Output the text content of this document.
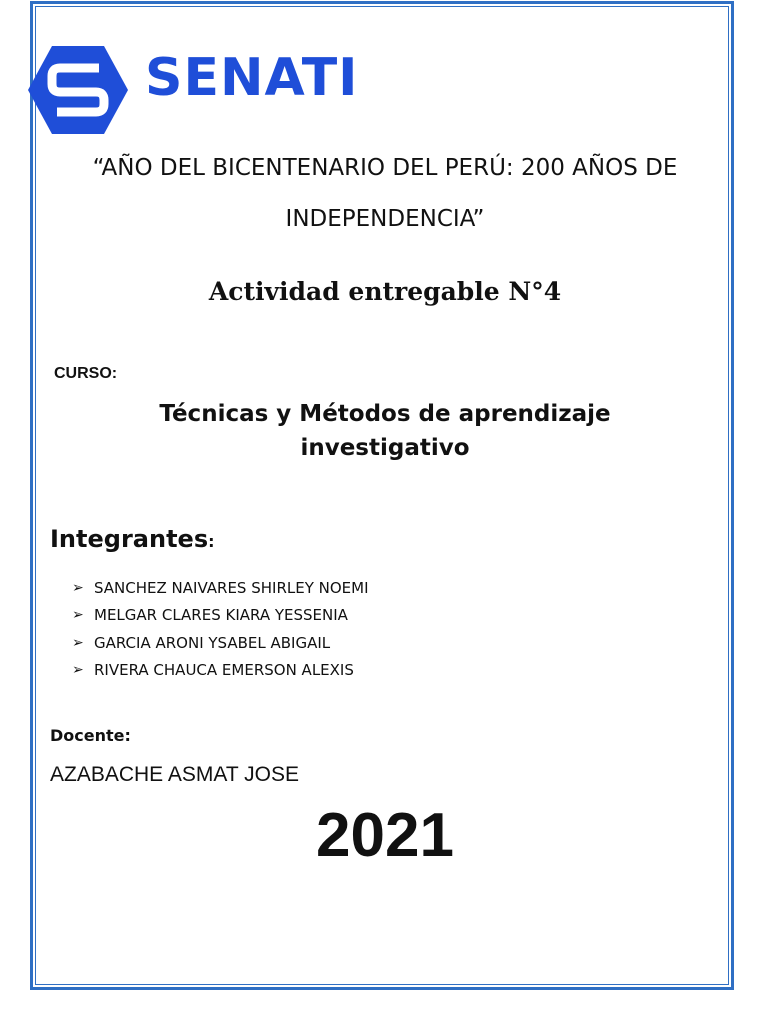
SENATI

“AÑO DEL BICENTENARIO DEL PERÚ: 200 AÑOS DE

INDEPENDENCIA”

Actividad entregable N°4

CURSO:

Técnicas y Métodos de aprendizaje
investigativo
Integrantes:
➢ SANCHEZ NAIVARES SHIRLEY NOEMI
➢ MELGAR CLARES KIARA YESSENIA
➢ GARCIA ARONI YSABEL ABIGAIL
➢ RIVERA CHAUCA EMERSON ALEXIS

Docente:

AZABACHE ASMAT JOSE

2021
